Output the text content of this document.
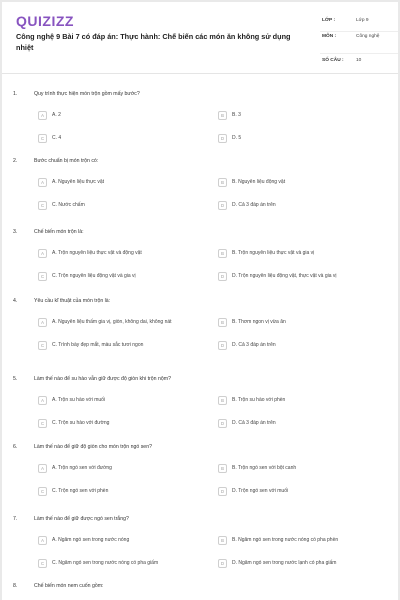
QUIZIZZ
Công nghệ 9 Bài 7 có đáp án: Thực hành: Chế biến các món ăn không sử dụng nhiệt
LỚP :	Lớp 9
MÔN :	Công nghệ
SỐ CÂU :	10
1.	Quy trình thực hiện món trộn gồm mấy bước?
A	A. 2	B	B. 3
C	C. 4	D	D. 5
2.	Bước chuẩn bị món trộn có:
A	A. Nguyên liệu thực vật	B	B. Nguyên liệu động vật
C	C. Nước chấm	D	D. Cả 3 đáp án trên
3.	Chế biến món trộn là:
A	A. Trộn nguyên liệu thực vật và động vật	B	B. Trộn nguyên liệu thực vật và gia vị
C	C. Trộn nguyên liệu động vật và gia vị	D	D. Trộn nguyên liệu động vật, thực vật và gia vị
4.	Yêu cầu kĩ thuật của món trộn là:
A	A. Nguyên liệu thấm gia vị, giòn, không dai, không nát	B	B. Thơm ngon vị vừa ăn
C	C. Trình bày đẹp mắt, màu sắc tươi ngon	D	D. Cả 3 đáp án trên
5.	Làm thế nào để su hào vẫn giữ được độ giòn khi trộn nộm?
A	A. Trộn su hào với muối	B	B. Trộn su hào với phèn
C	C. Trộn su hào với đường	D	D. Cả 3 đáp án trên
6.	Làm thế nào để giữ độ giòn cho món trộn ngó sen?
A	A. Trộn ngó sen với đường	B	B. Trộn ngó sen với bột canh
C	C. Trộn ngó sen với phèn	D	D. Trộn ngó sen với muối
7.	Làm thế nào để giữ được ngó sen trắng?
A	A. Ngâm ngó sen trong nước nóng	B	B. Ngâm ngó sen trong nước nóng có pha phèn
C	C. Ngâm ngó sen trong nước nóng có pha giấm	D	D. Ngâm ngó sen trong nước lạnh có pha giấm
8.	Chế biến món nem cuốn gồm:
